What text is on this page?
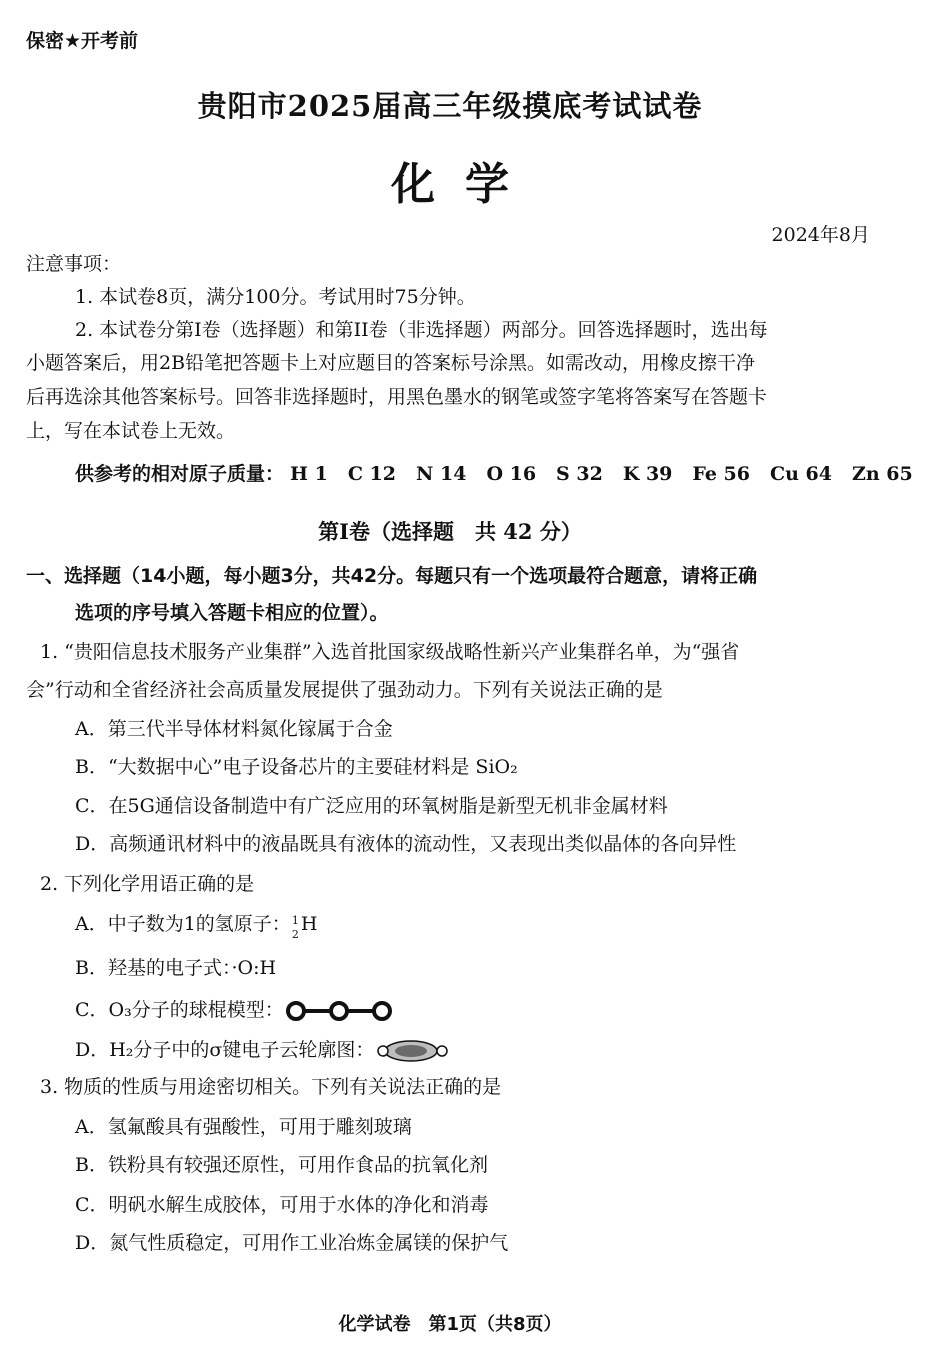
保密★开考前
贵阳市2025届高三年级摸底考试试卷
化学
2024年8月
注意事项：
1. 本试卷8页，满分100分。考试用时75分钟。
2. 本试卷分第Ⅰ卷（选择题）和第II卷（非选择题）两部分。回答选择题时，选出每
小题答案后，用2B铅笔把答题卡上对应题目的答案标号涂黑。如需改动，用橡皮擦干净
后再选涂其他答案标号。回答非选择题时，用黑色墨水的钢笔或签字笔将答案写在答题卡
上，写在本试卷上无效。
供参考的相对原子质量： H 1 C 12 N 14 O 16 S 32 K 39 Fe 56 Cu 64 Zn 65
第Ⅰ卷（选择题　共 42 分）
一、选择题（14小题，每小题3分，共42分。每题只有一个选项最符合题意，请将正确
选项的序号填入答题卡相应的位置）。
1. “贵阳信息技术服务产业集群”入选首批国家级战略性新兴产业集群名单，为“强省
会”行动和全省经济社会高质量发展提供了强劲动力。下列有关说法正确的是
A．第三代半导体材料氮化镓属于合金
B．“大数据中心”电子设备芯片的主要硅材料是 SiO₂
C．在5G通信设备制造中有广泛应用的环氧树脂是新型无机非金属材料
D．高频通讯材料中的液晶既具有液体的流动性，又表现出类似晶体的各向异性
2. 下列化学用语正确的是
A．中子数为1的氢原子： 1
2 H
B．羟基的电子式：·O:H
C．O₃分子的球棍模型：
D．H₂分子中的σ键电子云轮廓图：
3. 物质的性质与用途密切相关。下列有关说法正确的是
A．氢氟酸具有强酸性，可用于雕刻玻璃
B．铁粉具有较强还原性，可用作食品的抗氧化剂
C．明矾水解生成胶体，可用于水体的净化和消毒
D．氮气性质稳定，可用作工业冶炼金属镁的保护气
化学试卷　第1页（共8页）
